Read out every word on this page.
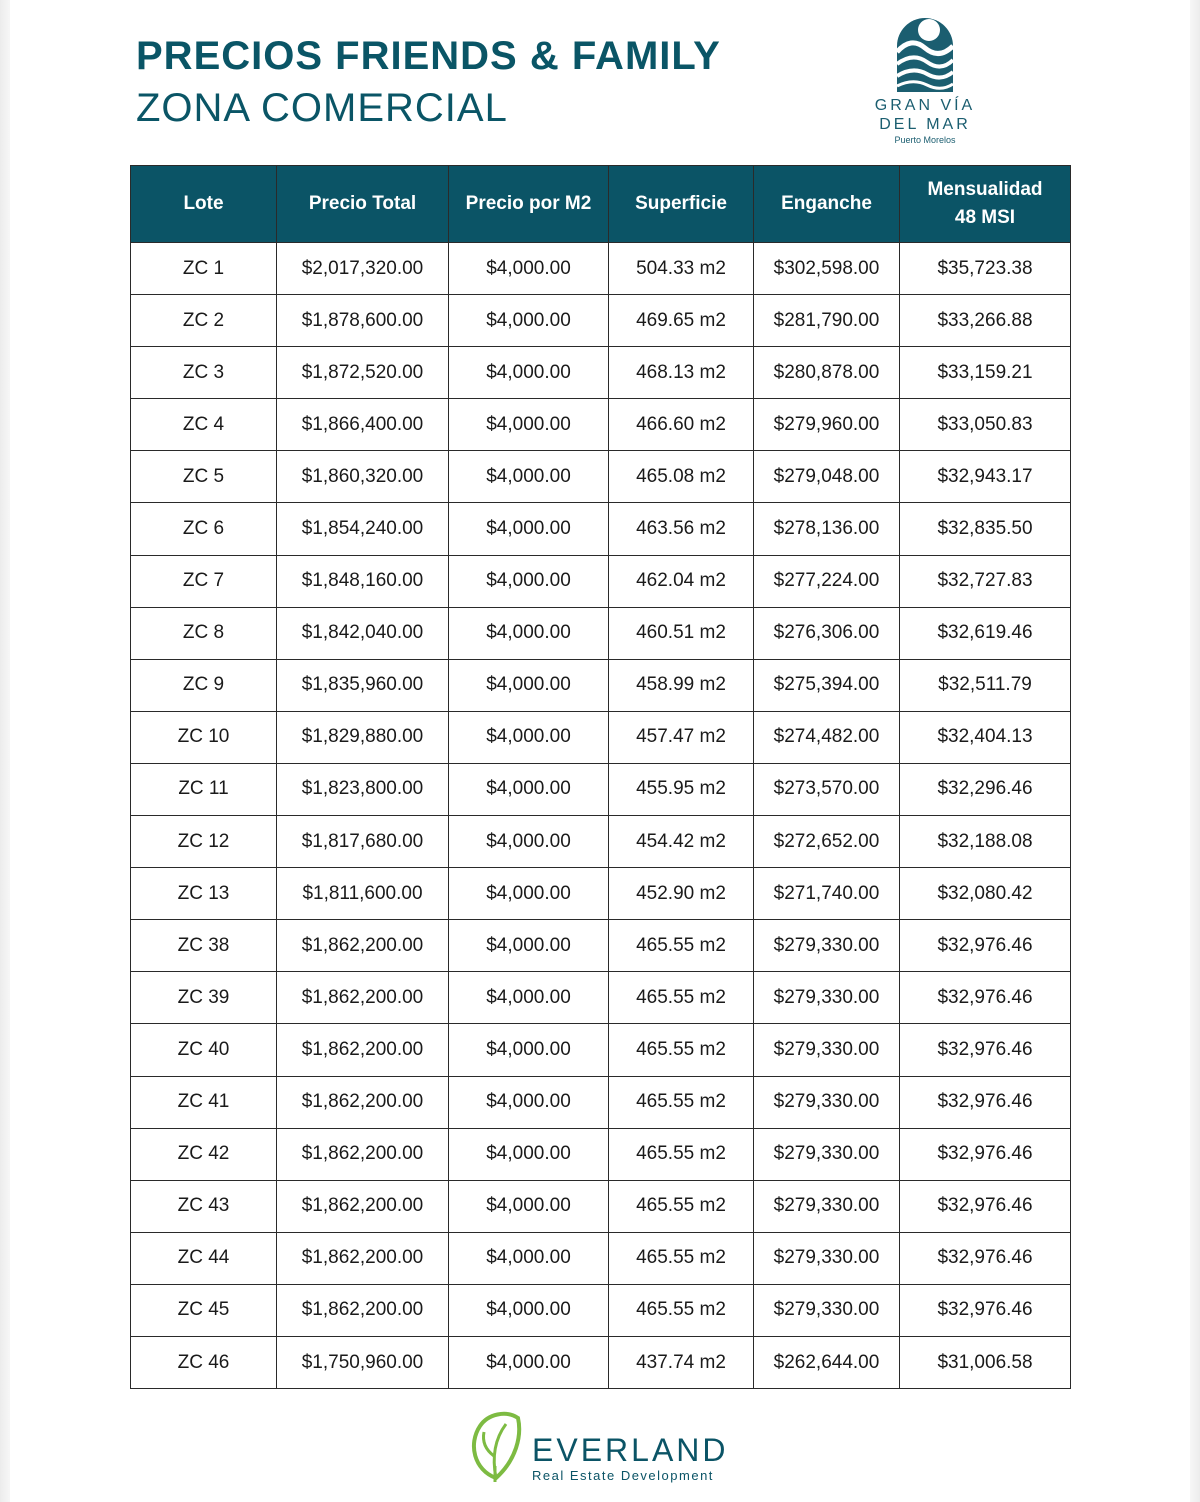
PRECIOS FRIENDS & FAMILY
ZONA COMERCIAL	GRAN VÍA
DEL MAR
Puerto Morelos
Lote	Precio Total	Precio por M2	Superficie	Enganche	Mensualidad
48 MSI
ZC 1	$2,017,320.00	$4,000.00	504.33 m2	$302,598.00	$35,723.38
ZC 2	$1,878,600.00	$4,000.00	469.65 m2	$281,790.00	$33,266.88
ZC 3	$1,872,520.00	$4,000.00	468.13 m2	$280,878.00	$33,159.21
ZC 4	$1,866,400.00	$4,000.00	466.60 m2	$279,960.00	$33,050.83
ZC 5	$1,860,320.00	$4,000.00	465.08 m2	$279,048.00	$32,943.17
ZC 6	$1,854,240.00	$4,000.00	463.56 m2	$278,136.00	$32,835.50
ZC 7	$1,848,160.00	$4,000.00	462.04 m2	$277,224.00	$32,727.83
ZC 8	$1,842,040.00	$4,000.00	460.51 m2	$276,306.00	$32,619.46
ZC 9	$1,835,960.00	$4,000.00	458.99 m2	$275,394.00	$32,511.79
ZC 10	$1,829,880.00	$4,000.00	457.47 m2	$274,482.00	$32,404.13
ZC 11	$1,823,800.00	$4,000.00	455.95 m2	$273,570.00	$32,296.46
ZC 12	$1,817,680.00	$4,000.00	454.42 m2	$272,652.00	$32,188.08
ZC 13	$1,811,600.00	$4,000.00	452.90 m2	$271,740.00	$32,080.42
ZC 38	$1,862,200.00	$4,000.00	465.55 m2	$279,330.00	$32,976.46
ZC 39	$1,862,200.00	$4,000.00	465.55 m2	$279,330.00	$32,976.46
ZC 40	$1,862,200.00	$4,000.00	465.55 m2	$279,330.00	$32,976.46
ZC 41	$1,862,200.00	$4,000.00	465.55 m2	$279,330.00	$32,976.46
ZC 42	$1,862,200.00	$4,000.00	465.55 m2	$279,330.00	$32,976.46
ZC 43	$1,862,200.00	$4,000.00	465.55 m2	$279,330.00	$32,976.46
ZC 44	$1,862,200.00	$4,000.00	465.55 m2	$279,330.00	$32,976.46
ZC 45	$1,862,200.00	$4,000.00	465.55 m2	$279,330.00	$32,976.46
ZC 46	$1,750,960.00	$4,000.00	437.74 m2	$262,644.00	$31,006.58
EVERLAND
Real Estate Development
